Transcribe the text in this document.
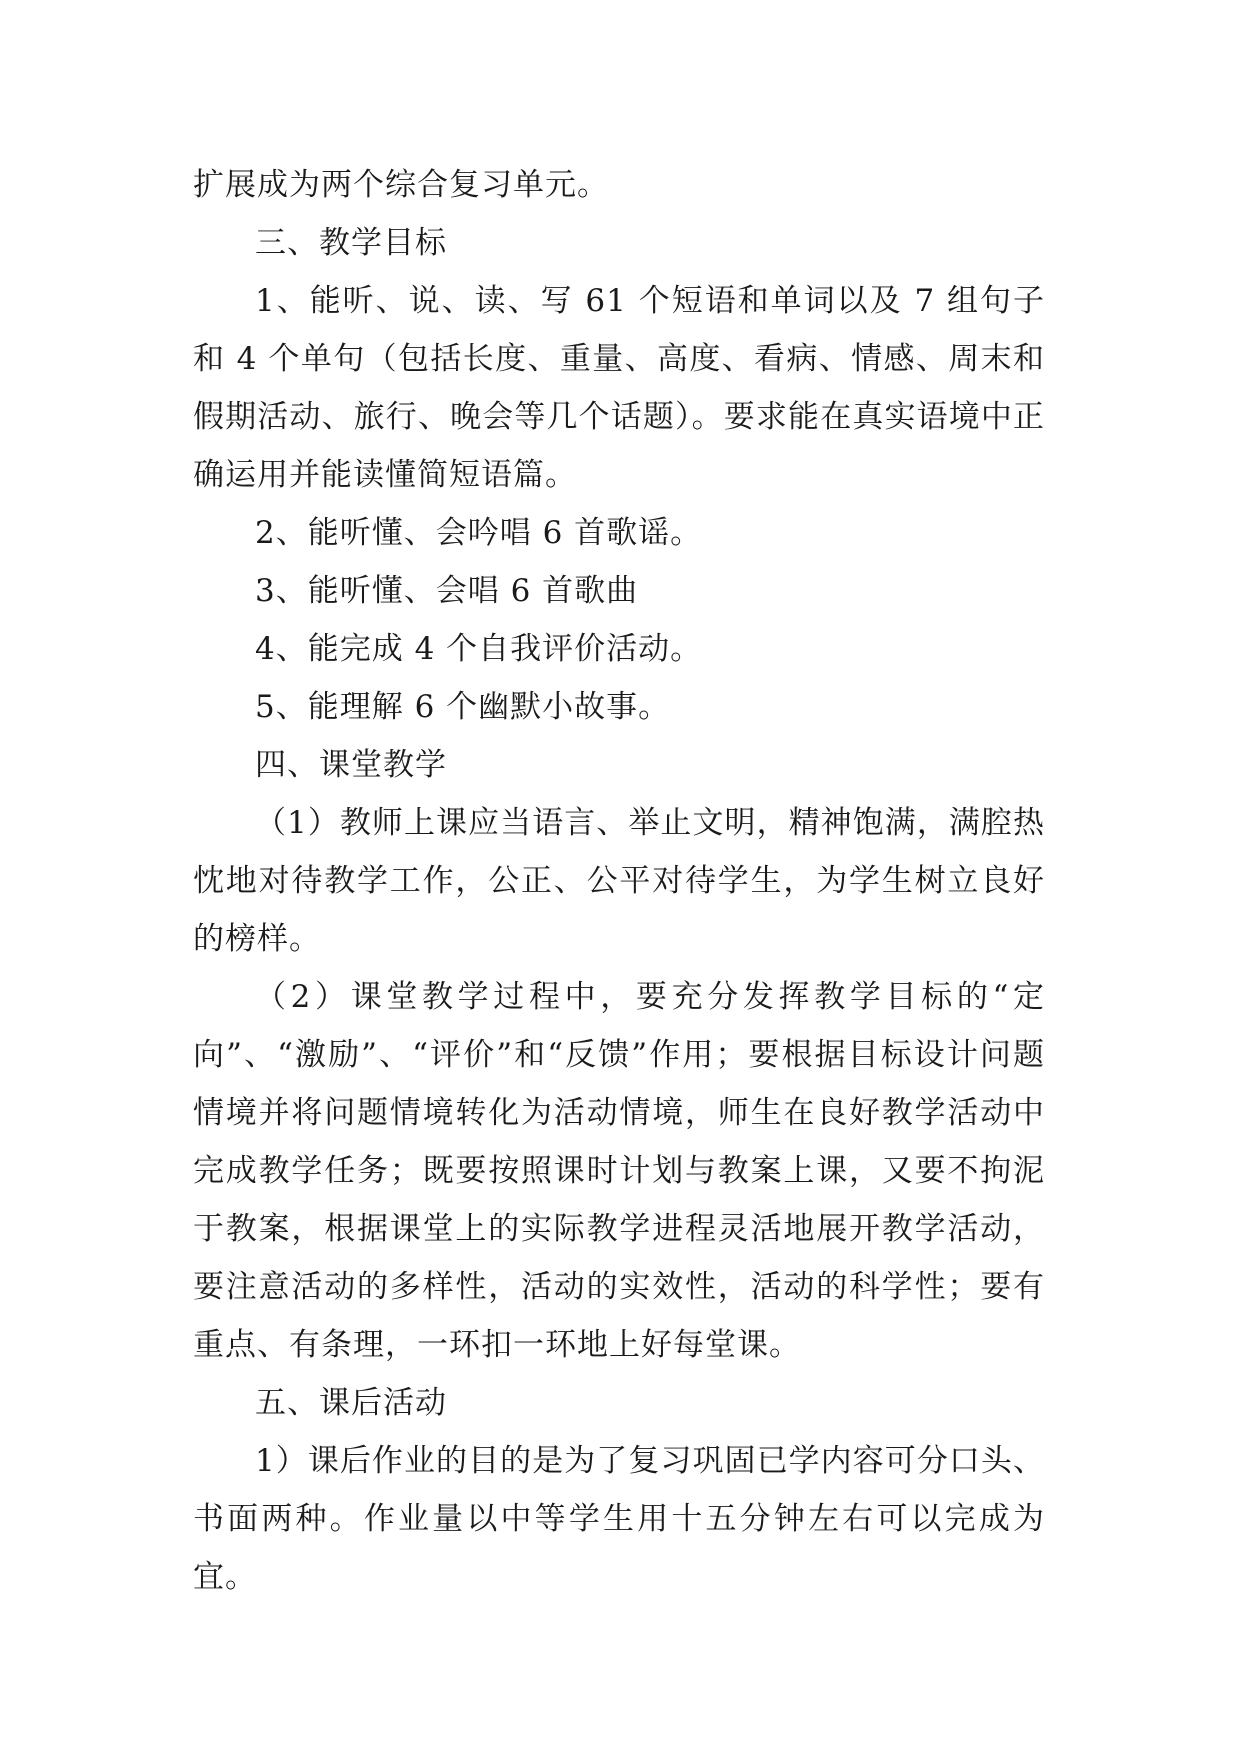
扩展成为两个综合复习单元。

三、教学目标

1、能听、说、读、写 61 个短语和单词以及 7 组句子和 4 个单句（包括长度、重量、高度、看病、情感、周末和假期活动、旅行、晚会等几个话题）。要求能在真实语境中正确运用并能读懂简短语篇。

2、能听懂、会吟唱 6 首歌谣。

3、能听懂、会唱 6 首歌曲

4、能完成 4 个自我评价活动。

5、能理解 6 个幽默小故事。

四、课堂教学

（1）教师上课应当语言、举止文明，精神饱满，满腔热忱地对待教学工作，公正、公平对待学生，为学生树立良好的榜样。

（2）课堂教学过程中，要充分发挥教学目标的“定向”、“激励”、“评价”和“反馈”作用；要根据目标设计问题情境并将问题情境转化为活动情境，师生在良好教学活动中完成教学任务；既要按照课时计划与教案上课，又要不拘泥于教案，根据课堂上的实际教学进程灵活地展开教学活动，要注意活动的多样性，活动的实效性，活动的科学性；要有重点、有条理，一环扣一环地上好每堂课。

五、课后活动

1）课后作业的目的是为了复习巩固已学内容可分口头、书面两种。作业量以中等学生用十五分钟左右可以完成为宜。
